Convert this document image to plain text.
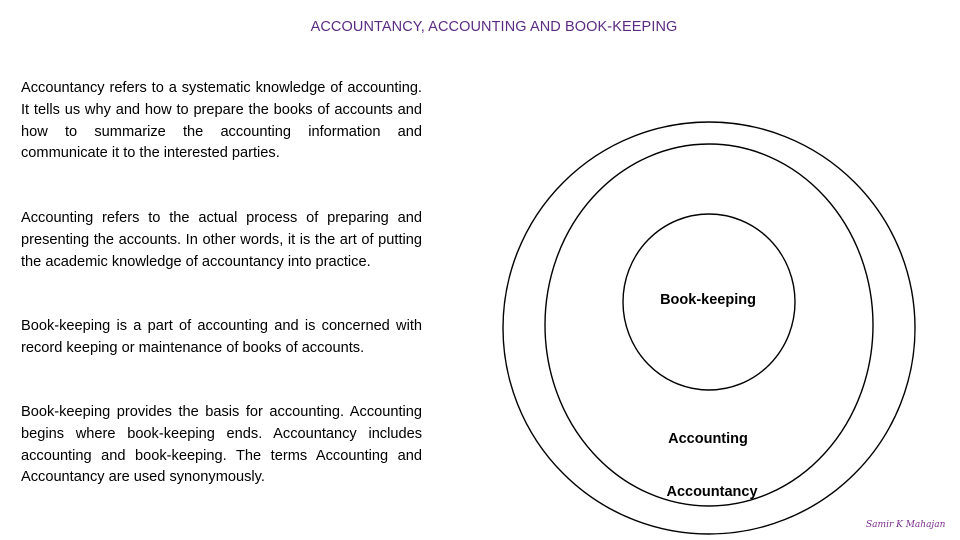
ACCOUNTANCY, ACCOUNTING AND BOOK-KEEPING

Accountancy refers to a systematic knowledge of accounting. It tells us why and how to prepare the books of accounts and how to summarize the accounting information and communicate it to the interested parties.

Accounting refers to the actual process of preparing and presenting the accounts. In other words, it is the art of putting the academic knowledge of accountancy into practice.

Book-keeping is a part of accounting and is concerned with record keeping or maintenance of books of accounts.

Book-keeping provides the basis for accounting. Accounting begins where book-keeping ends. Accountancy includes accounting and book-keeping. The terms Accounting and Accountancy are used synonymously.

Book-keeping
Accounting
Accountancy
Samir K Mahajan
